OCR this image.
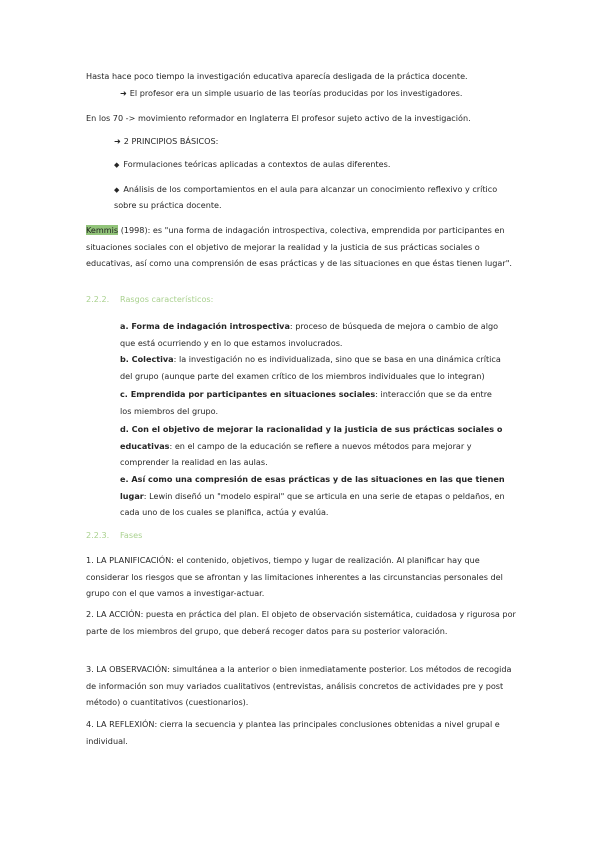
Hasta hace poco tiempo la investigación educativa aparecía desligada de la práctica docente.
➜ El profesor era un simple usuario de las teorías producidas por los investigadores.
En los 70 -> movimiento reformador en Inglaterra El profesor sujeto activo de la investigación.
➜ 2 PRINCIPIOS BÁSICOS:
◆ Formulaciones teóricas aplicadas a contextos de aulas diferentes.
◆ Análisis de los comportamientos en el aula para alcanzar un conocimiento reflexivo y crítico sobre su práctica docente.
Kemmis (1998): es "una forma de indagación introspectiva, colectiva, emprendida por participantes en situaciones sociales con el objetivo de mejorar la realidad y la justicia de sus prácticas sociales o educativas, así como una comprensión de esas prácticas y de las situaciones en que éstas tienen lugar".
2.2.2. Rasgos característicos:
a. Forma de indagación introspectiva: proceso de búsqueda de mejora o cambio de algo que está ocurriendo y en lo que estamos involucrados.
b. Colectiva: la investigación no es individualizada, sino que se basa en una dinámica crítica del grupo (aunque parte del examen crítico de los miembros individuales que lo integran)
c. Emprendida por participantes en situaciones sociales: interacción que se da entre los miembros del grupo.
d. Con el objetivo de mejorar la racionalidad y la justicia de sus prácticas sociales o educativas: en el campo de la educación se refiere a nuevos métodos para mejorar y comprender la realidad en las aulas.
e. Así como una compresión de esas prácticas y de las situaciones en las que tienen lugar: Lewin diseñó un "modelo espiral" que se articula en una serie de etapas o peldaños, en cada uno de los cuales se planifica, actúa y evalúa.
2.2.3. Fases
1. LA PLANIFICACIÓN: el contenido, objetivos, tiempo y lugar de realización. Al planificar hay que considerar los riesgos que se afrontan y las limitaciones inherentes a las circunstancias personales del grupo con el que vamos a investigar-actuar.
2. LA ACCIÓN: puesta en práctica del plan. El objeto de observación sistemática, cuidadosa y rigurosa por parte de los miembros del grupo, que deberá recoger datos para su posterior valoración.
3. LA OBSERVACIÓN: simultánea a la anterior o bien inmediatamente posterior. Los métodos de recogida de información son muy variados cualitativos (entrevistas, análisis concretos de actividades pre y post método) o cuantitativos (cuestionarios).
4. LA REFLEXIÓN: cierra la secuencia y plantea las principales conclusiones obtenidas a nivel grupal e individual.
